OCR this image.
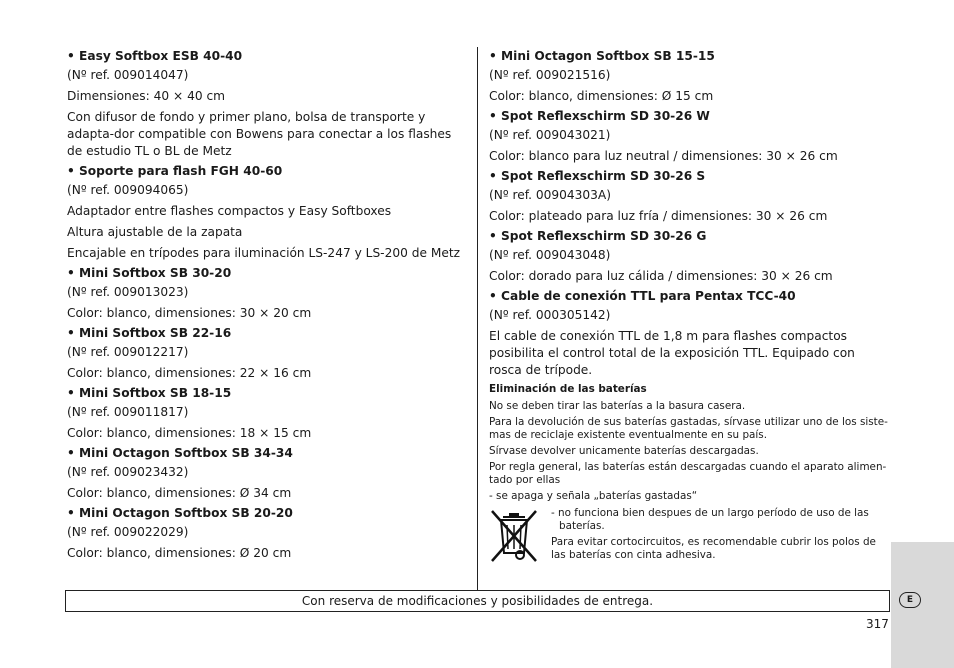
• Easy Softbox ESB 40-40
(Nº ref. 009014047)
Dimensiones: 40 × 40 cm
Con difusor de fondo y primer plano, bolsa de transporte y adapta-dor compatible con Bowens para conectar a los flashes de estudio TL o BL de Metz
• Soporte para flash FGH 40-60
(Nº ref. 009094065)
Adaptador entre flashes compactos y Easy Softboxes
Altura ajustable de la zapata
Encajable en trípodes para iluminación LS-247 y LS-200 de Metz
• Mini Softbox SB 30-20
(Nº ref. 009013023)
Color: blanco, dimensiones: 30 × 20 cm
• Mini Softbox SB 22-16
(Nº ref. 009012217)
Color: blanco, dimensiones: 22 × 16 cm
• Mini Softbox SB 18-15
(Nº ref. 009011817)
Color: blanco, dimensiones: 18 × 15 cm
• Mini Octagon Softbox SB 34-34
(Nº ref. 009023432)
Color: blanco, dimensiones: Ø 34 cm
• Mini Octagon Softbox SB 20-20
(Nº ref. 009022029)
Color: blanco, dimensiones: Ø 20 cm
• Mini Octagon Softbox SB 15-15
(Nº ref. 009021516)
Color: blanco, dimensiones: Ø 15 cm
• Spot Reflexschirm SD 30-26 W
(Nº ref. 009043021)
Color: blanco para luz neutral / dimensiones: 30 × 26 cm
• Spot Reflexschirm SD 30-26 S
(Nº ref. 00904303A)
Color: plateado para luz fría / dimensiones: 30 × 26 cm
• Spot Reflexschirm SD 30-26 G
(Nº ref. 009043048)
Color: dorado para luz cálida / dimensiones: 30 × 26 cm
• Cable de conexión TTL para Pentax TCC-40
(Nº ref. 000305142)
El cable de conexión TTL de 1,8 m para flashes compactos posibilita el control total de la exposición TTL. Equipado con rosca de trípode.
Eliminación de las baterías
No se deben tirar las baterías a la basura casera.
Para la devolución de sus baterías gastadas, sírvase utilizar uno de los siste-mas de reciclaje existente eventualmente en su país.
Sírvase devolver unicamente baterías descargadas.
Por regla general, las baterías están descargadas cuando el aparato alimen-tado por ellas
- se apaga y señala „baterías gastadas“
- no funciona bien despues de un largo período de uso de las baterías.
Para evitar cortocircuitos, es recomendable cubrir los polos de las baterías con cinta adhesiva.
Con reserva de modificaciones y posibilidades de entrega.	E
317
